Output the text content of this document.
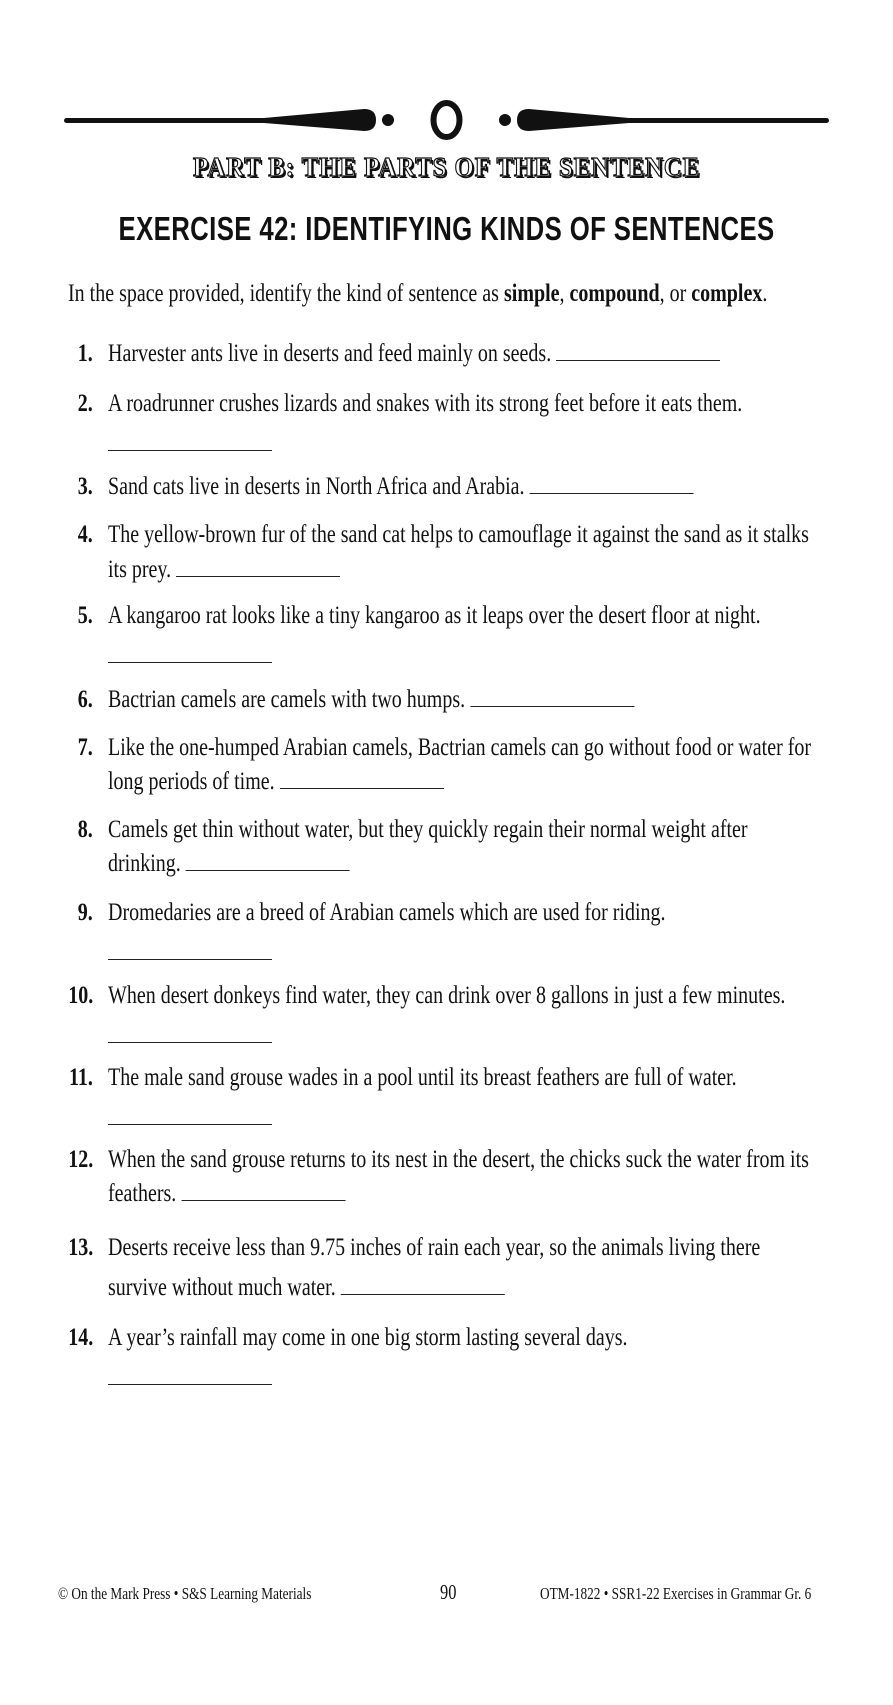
PART B: THE PARTS OF THE SENTENCE
EXERCISE 42: IDENTIFYING KINDS OF SENTENCES
In the space provided, identify the kind of sentence as simple, compound, or complex.
1. Harvester ants live in deserts and feed mainly on seeds.
2. A roadrunner crushes lizards and snakes with its strong feet before it eats them.
3. Sand cats live in deserts in North Africa and Arabia.
4. The yellow-brown fur of the sand cat helps to camouflage it against the sand as it stalks
its prey.
5. A kangaroo rat looks like a tiny kangaroo as it leaps over the desert floor at night.
6. Bactrian camels are camels with two humps.
7. Like the one-humped Arabian camels, Bactrian camels can go without food or water for
long periods of time.
8. Camels get thin without water, but they quickly regain their normal weight after
drinking.
9. Dromedaries are a breed of Arabian camels which are used for riding.
10. When desert donkeys find water, they can drink over 8 gallons in just a few minutes.
11. The male sand grouse wades in a pool until its breast feathers are full of water.
12. When the sand grouse returns to its nest in the desert, the chicks suck the water from its
feathers.
13. Deserts receive less than 9.75 inches of rain each year, so the animals living there
survive without much water.
14. A year’s rainfall may come in one big storm lasting several days.
© On the Mark Press • S&S Learning Materials	90	OTM-1822 • SSR1-22 Exercises in Grammar Gr. 6
